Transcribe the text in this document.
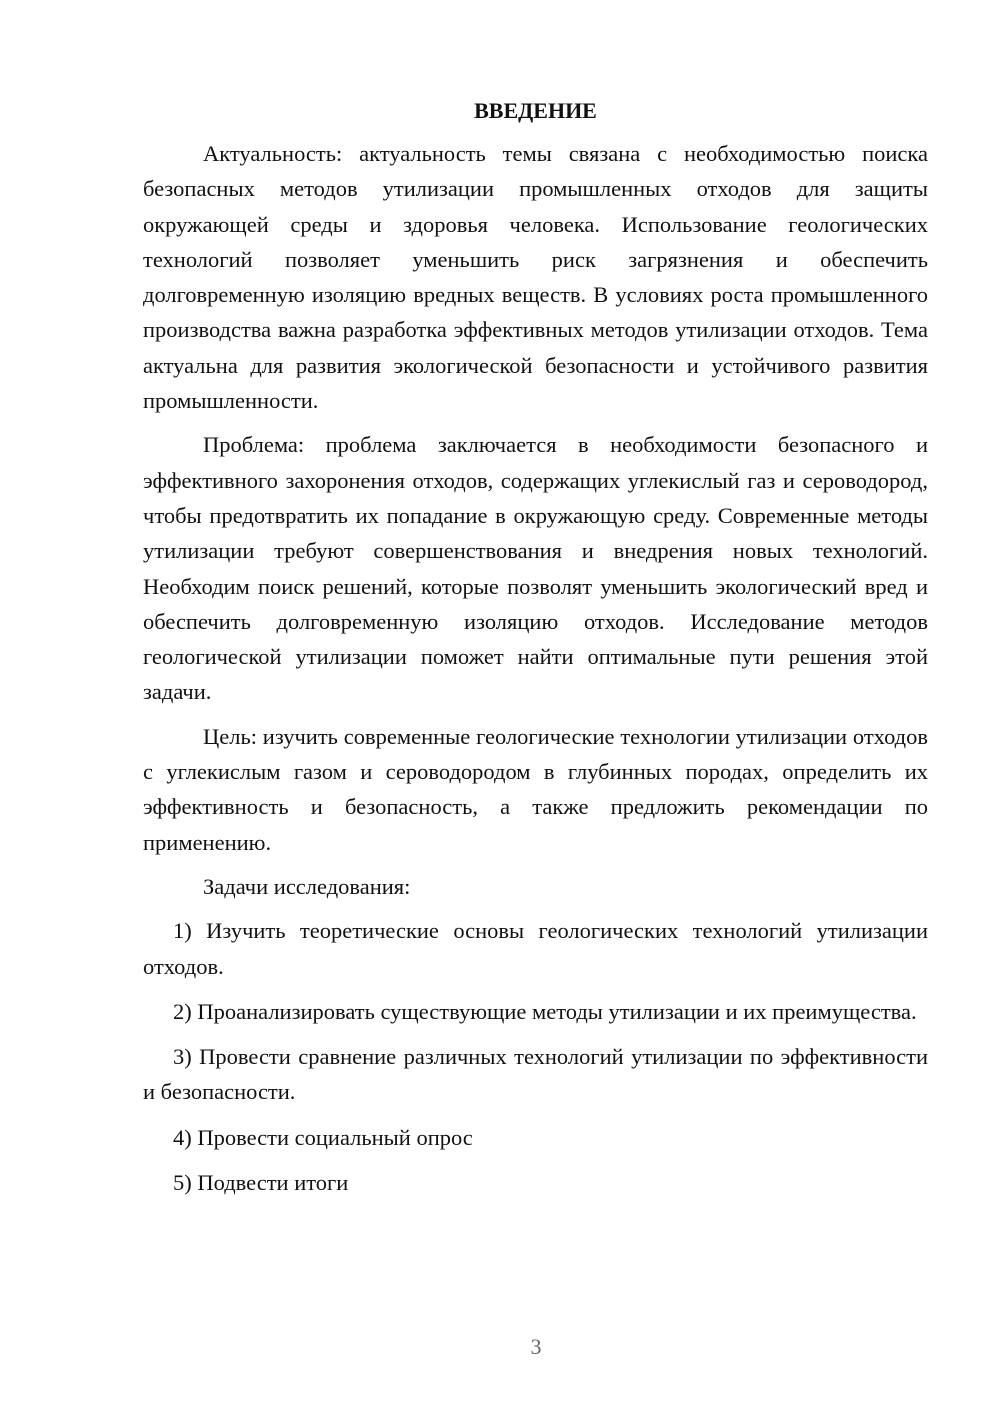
ВВЕДЕНИЕ

Актуальность: актуальность темы связана с необходимостью поиска безопасных методов утилизации промышленных отходов для защиты окружающей среды и здоровья человека. Использование геологических технологий позволяет уменьшить риск загрязнения и обеспечить долговременную изоляцию вредных веществ. В условиях роста промышленного производства важна разработка эффективных методов утилизации отходов. Тема актуальна для развития экологической безопасности и устойчивого развития промышленности.

Проблема: проблема заключается в необходимости безопасного и эффективного захоронения отходов, содержащих углекислый газ и сероводород, чтобы предотвратить их попадание в окружающую среду. Современные методы утилизации требуют совершенствования и внедрения новых технологий. Необходим поиск решений, которые позволят уменьшить экологический вред и обеспечить долговременную изоляцию отходов. Исследование методов геологической утилизации поможет найти оптимальные пути решения этой задачи.

Цель: изучить современные геологические технологии утилизации отходов с углекислым газом и сероводородом в глубинных породах, определить их эффективность и безопасность, а также предложить рекомендации по применению.

Задачи исследования:

1) Изучить теоретические основы геологических технологий утилизации отходов.

2) Проанализировать существующие методы утилизации и их преимущества.

3) Провести сравнение различных технологий утилизации по эффективности и безопасности.

4) Провести социальный опрос

5) Подвести итоги

3
